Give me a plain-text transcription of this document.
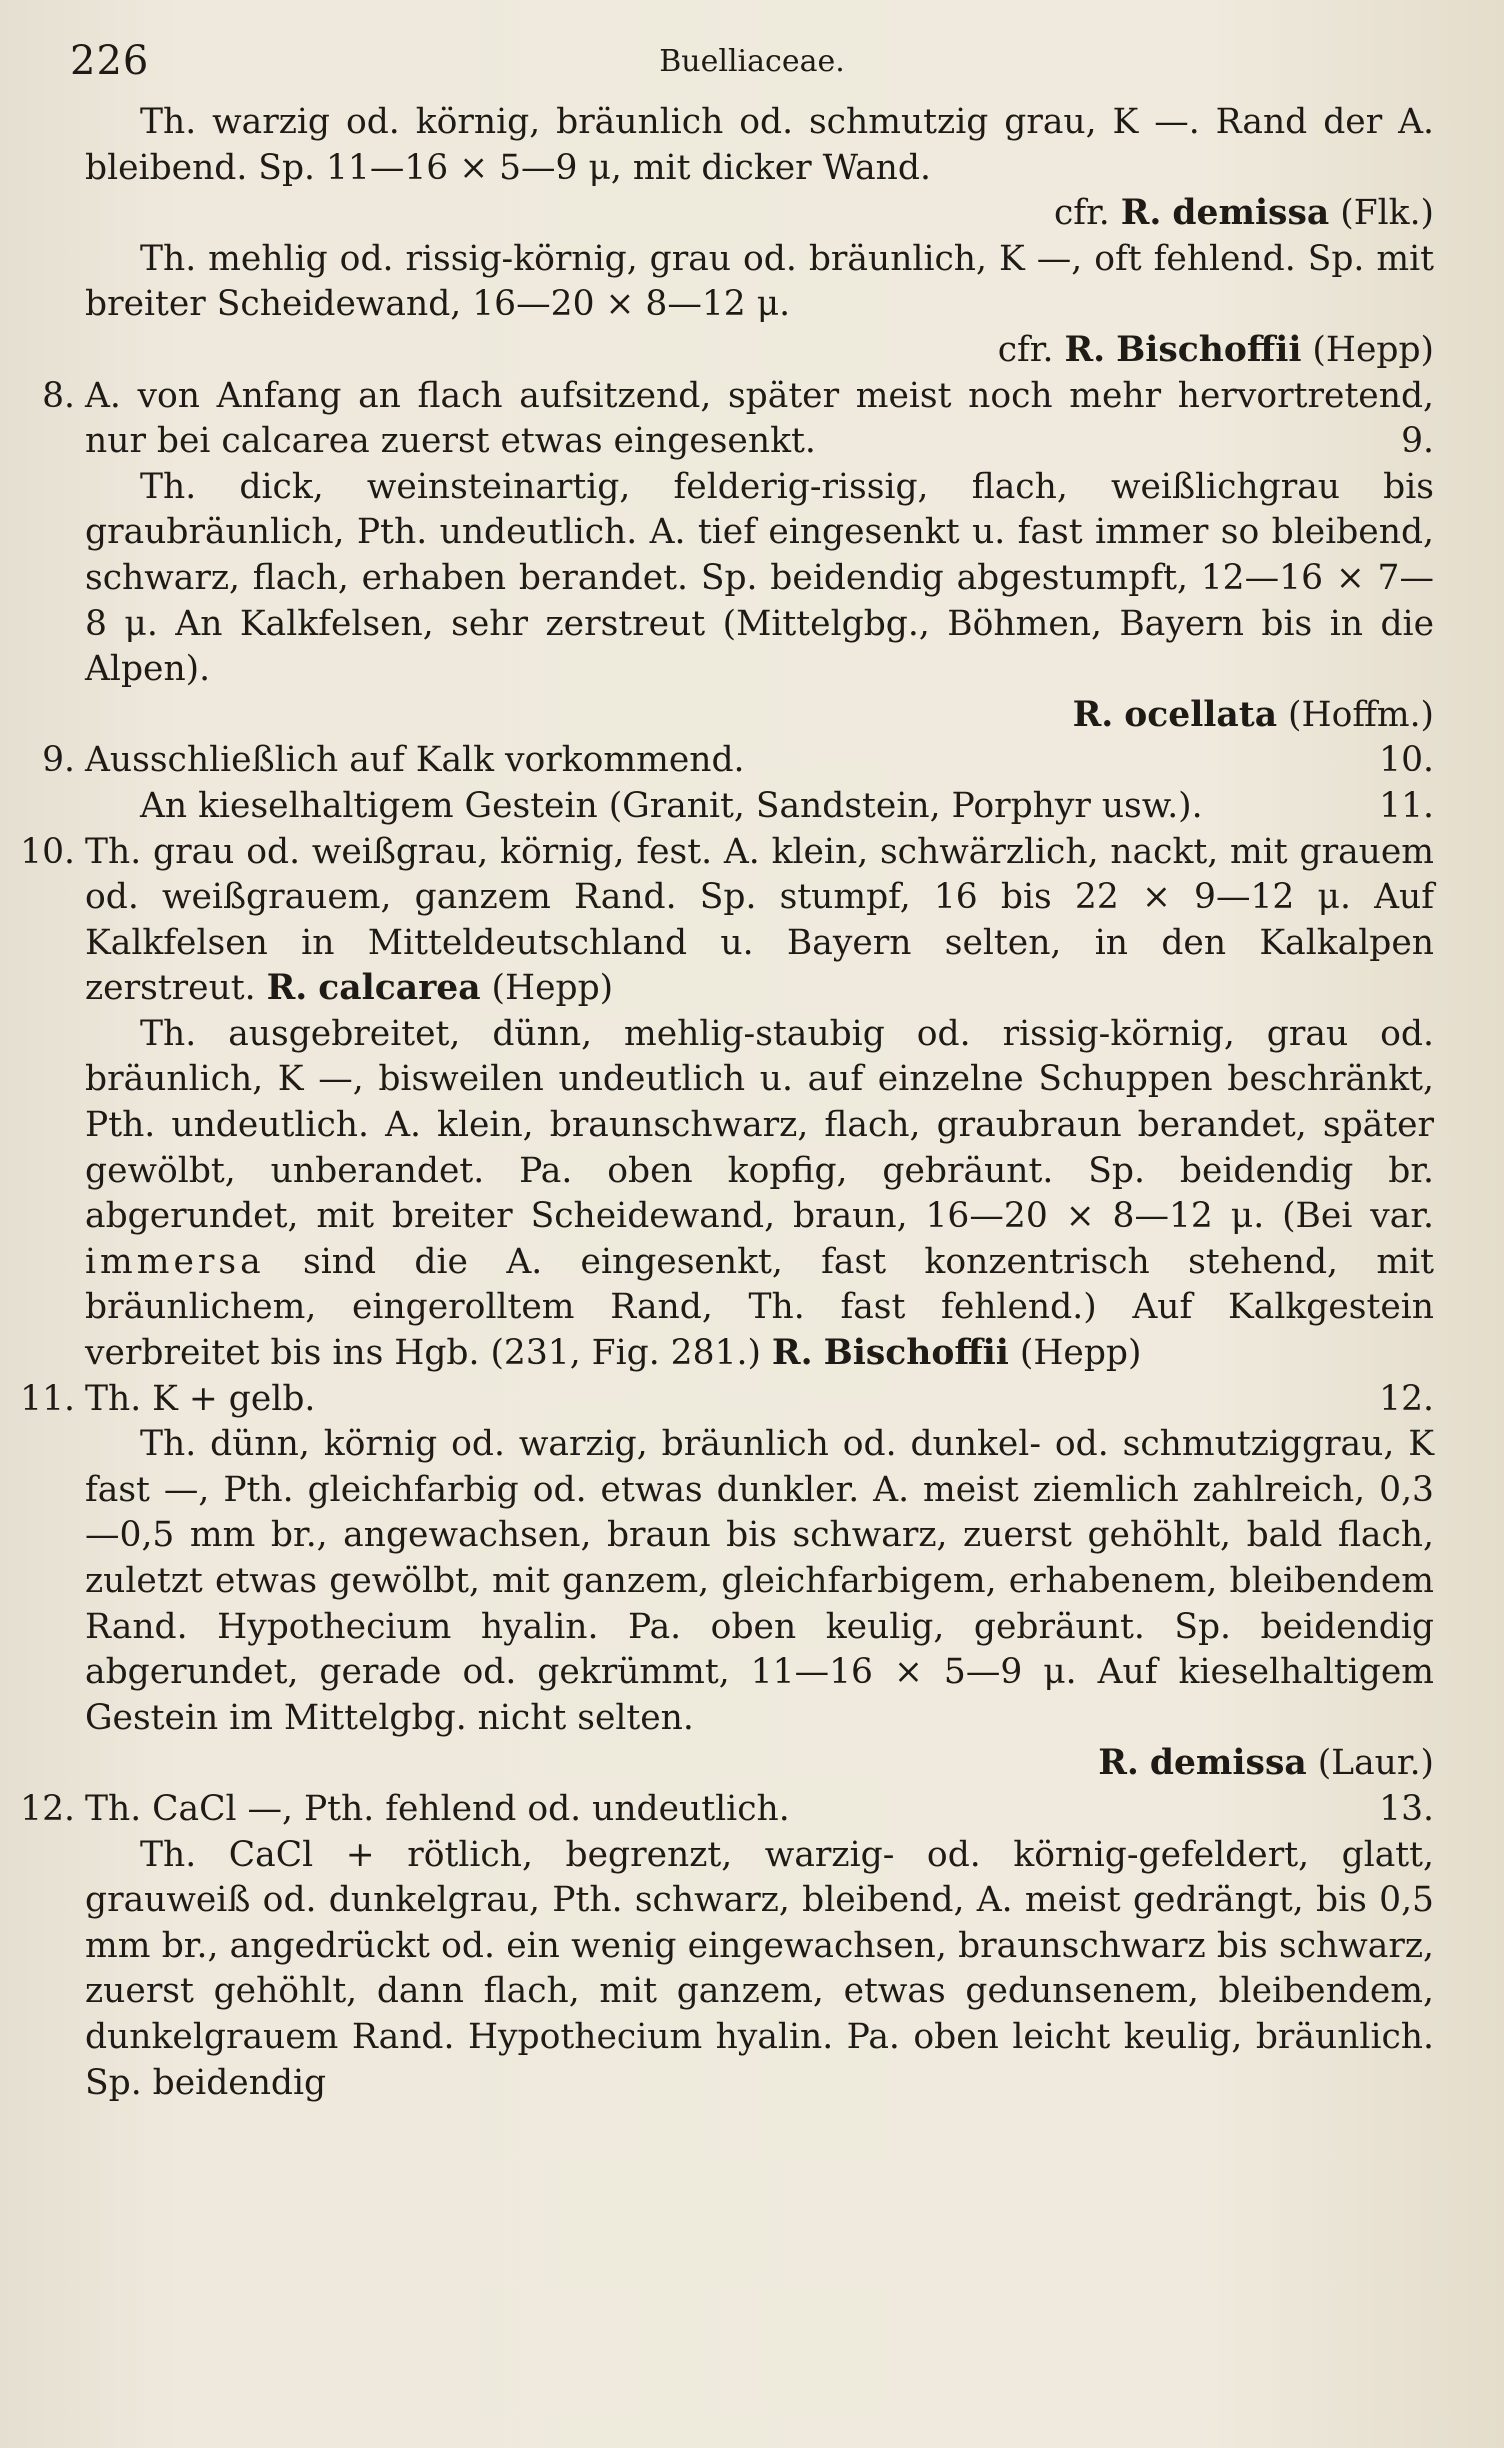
226	Buelliaceae.

Th. warzig od. körnig, bräunlich od. schmutzig grau, K —. Rand der A. bleibend. Sp. 11—16 × 5—9 μ, mit dicker Wand.

cfr. R. demissa (Flk.)

Th. mehlig od. rissig-körnig, grau od. bräunlich, K —, oft fehlend. Sp. mit breiter Scheidewand, 16—20 × 8—12 μ.

cfr. R. Bischoffii (Hepp)

8. A. von Anfang an flach aufsitzend, später meist noch mehr hervortretend, nur bei calcarea zuerst etwas eingesenkt.	9.

Th. dick, weinsteinartig, felderig-rissig, flach, weißlichgrau bis graubräunlich, Pth. undeutlich. A. tief eingesenkt u. fast immer so bleibend, schwarz, flach, erhaben berandet. Sp. beidendig abgestumpft, 12—16 × 7—8 μ. An Kalkfelsen, sehr zerstreut (Mittelgbg., Böhmen, Bayern bis in die Alpen).

R. ocellata (Hoffm.)

9. Ausschließlich auf Kalk vorkommend.	10.

An kieselhaltigem Gestein (Granit, Sandstein, Porphyr usw.).	11.

10. Th. grau od. weißgrau, körnig, fest. A. klein, schwärzlich, nackt, mit grauem od. weißgrauem, ganzem Rand. Sp. stumpf, 16 bis 22 × 9—12 μ. Auf Kalkfelsen in Mitteldeutschland u. Bayern selten, in den Kalkalpen zerstreut. R. calcarea (Hepp)

Th. ausgebreitet, dünn, mehlig-staubig od. rissig-körnig, grau od. bräunlich, K —, bisweilen undeutlich u. auf einzelne Schuppen beschränkt, Pth. undeutlich. A. klein, braunschwarz, flach, graubraun berandet, später gewölbt, unberandet. Pa. oben kopfig, gebräunt. Sp. beidendig br. abgerundet, mit breiter Scheidewand, braun, 16—20 × 8—12 μ. (Bei var. immersa sind die A. eingesenkt, fast konzentrisch stehend, mit bräunlichem, eingerolltem Rand, Th. fast fehlend.) Auf Kalkgestein verbreitet bis ins Hgb. (231, Fig. 281.) R. Bischoffii (Hepp)

11. Th. K + gelb.	12.

Th. dünn, körnig od. warzig, bräunlich od. dunkel- od. schmutziggrau, K fast —, Pth. gleichfarbig od. etwas dunkler. A. meist ziemlich zahlreich, 0,3—0,5 mm br., angewachsen, braun bis schwarz, zuerst gehöhlt, bald flach, zuletzt etwas gewölbt, mit ganzem, gleichfarbigem, erhabenem, bleibendem Rand. Hypothecium hyalin. Pa. oben keulig, gebräunt. Sp. beidendig abgerundet, gerade od. gekrümmt, 11—16 × 5—9 μ. Auf kieselhaltigem Gestein im Mittelgbg. nicht selten.

R. demissa (Laur.)

12. Th. CaCl —, Pth. fehlend od. undeutlich.	13.

Th. CaCl + rötlich, begrenzt, warzig- od. körnig-gefeldert, glatt, grauweiß od. dunkelgrau, Pth. schwarz, bleibend, A. meist gedrängt, bis 0,5 mm br., angedrückt od. ein wenig eingewachsen, braunschwarz bis schwarz, zuerst gehöhlt, dann flach, mit ganzem, etwas gedunsenem, bleibendem, dunkelgrauem Rand. Hypothecium hyalin. Pa. oben leicht keulig, bräunlich. Sp. beidendig
